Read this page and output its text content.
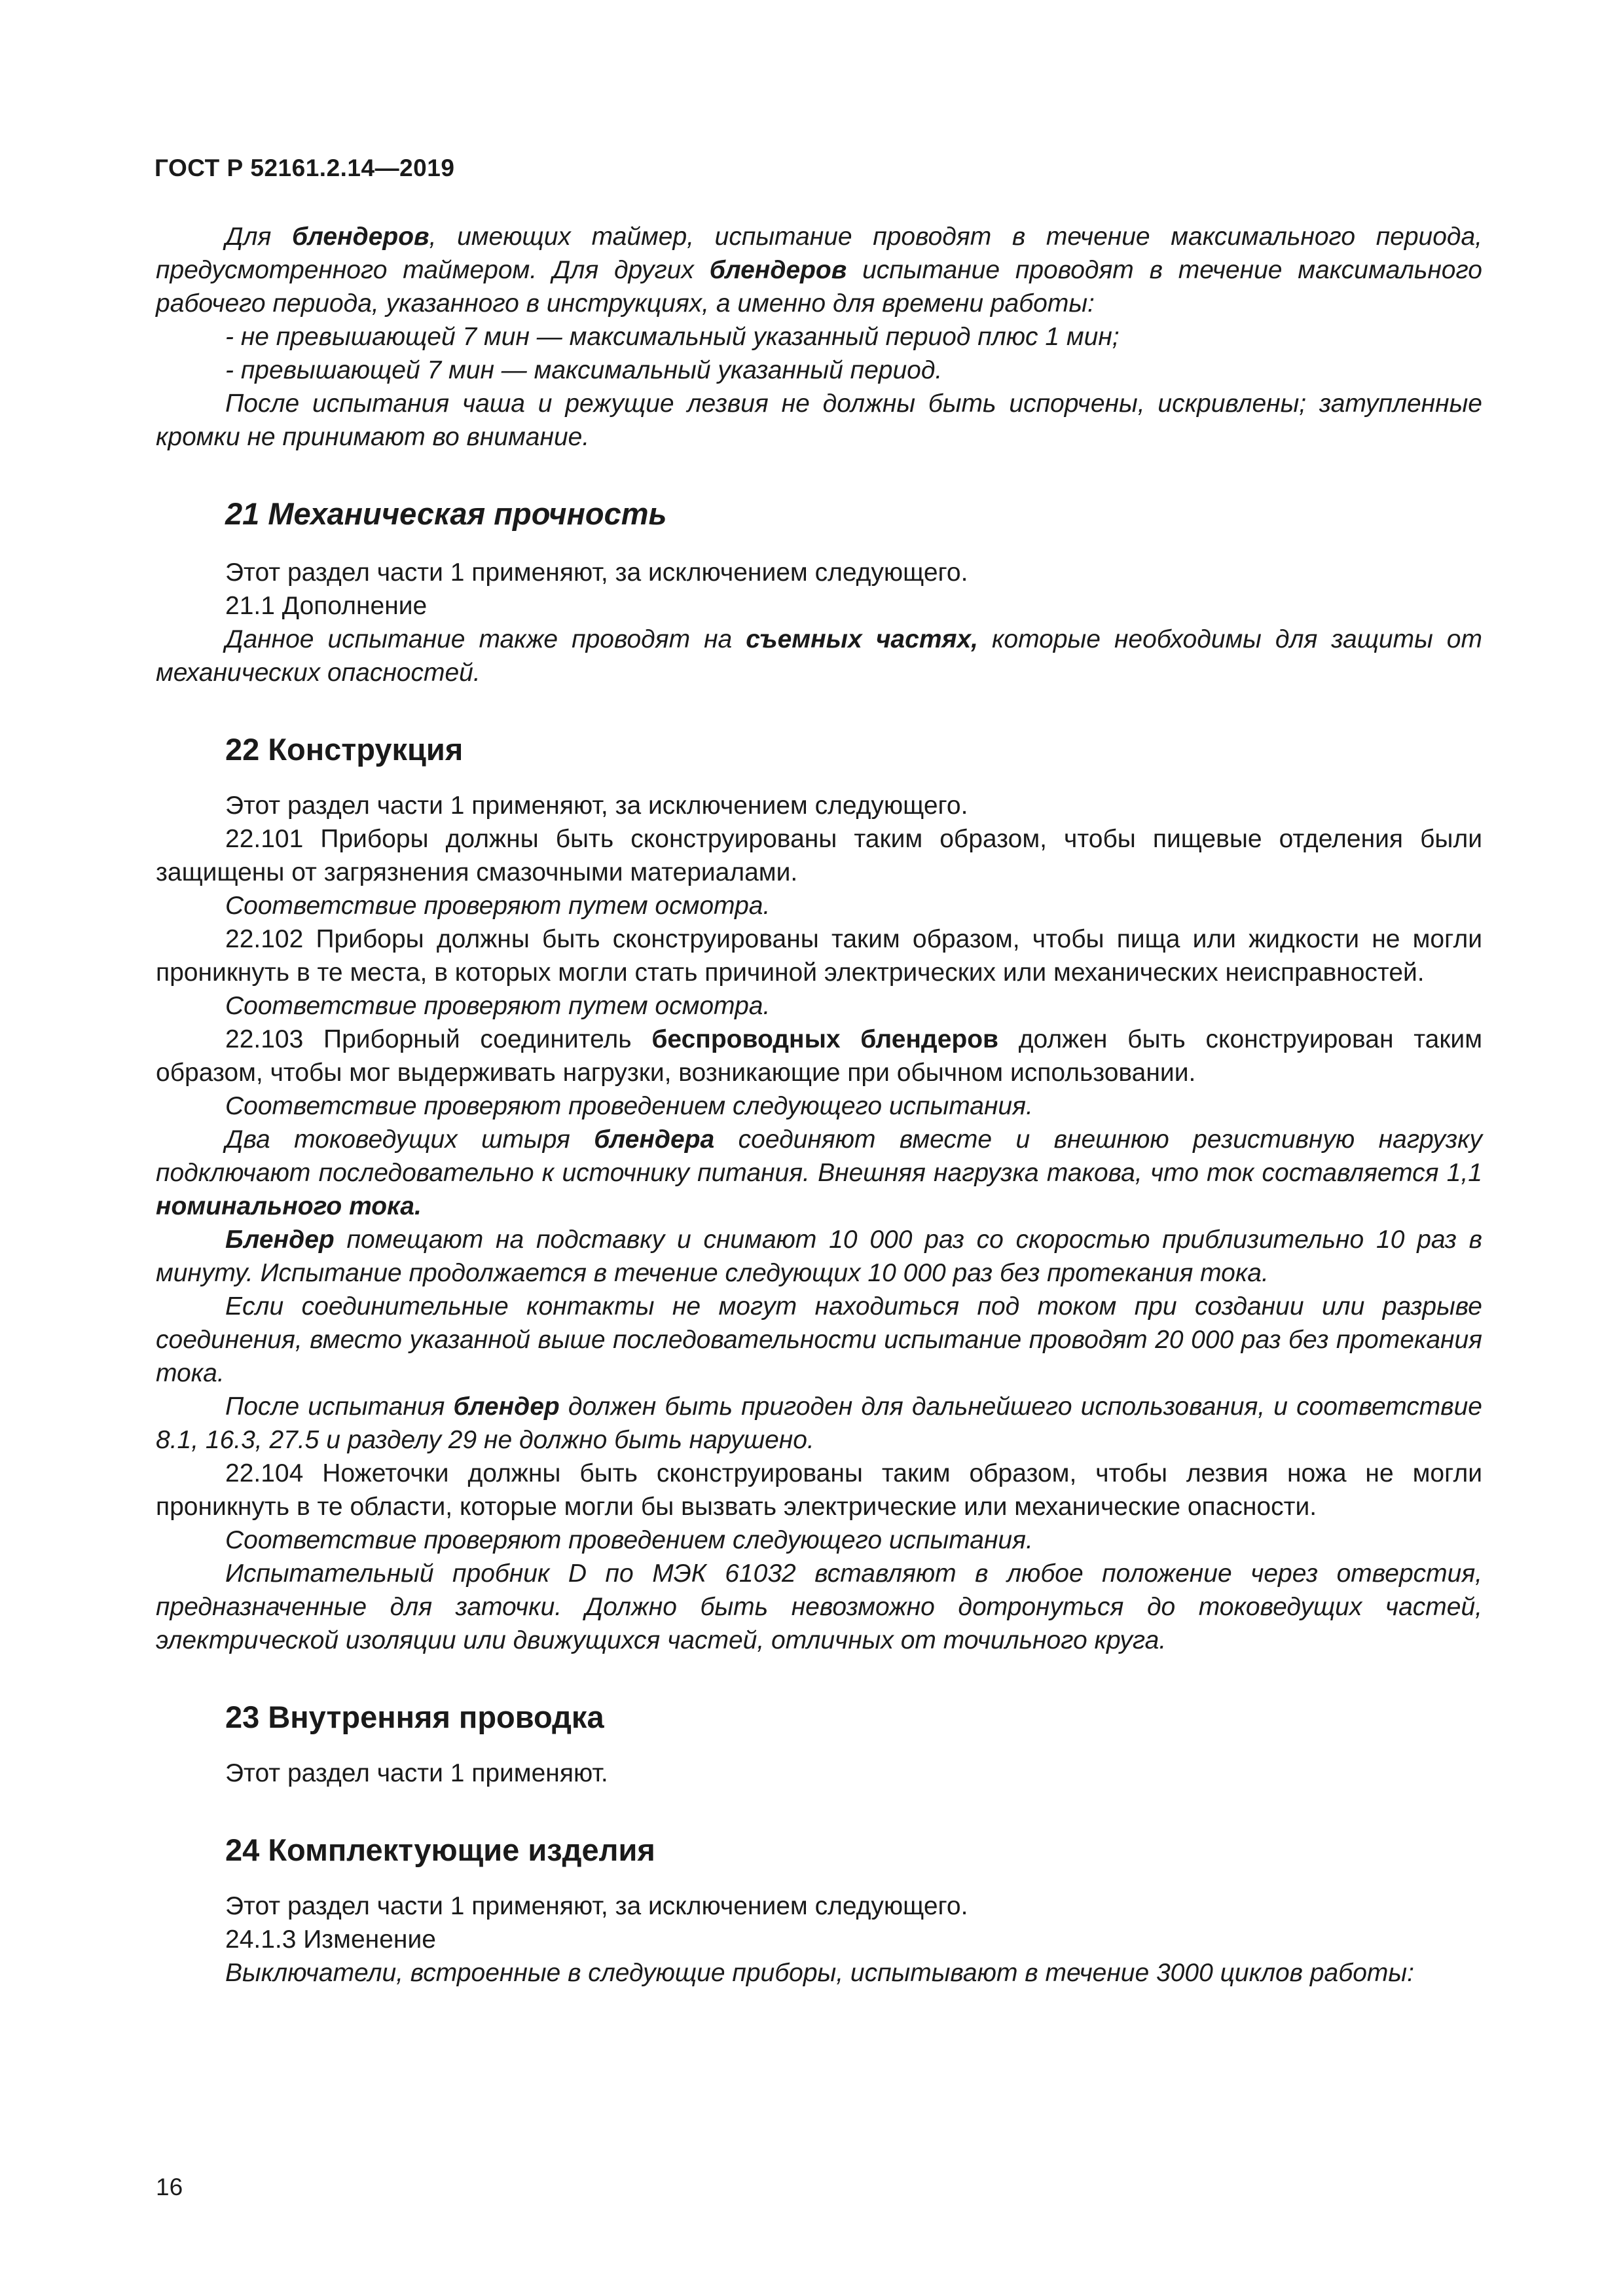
ГОСТ Р 52161.2.14—2019

Для блендеров, имеющих таймер, испытание проводят в течение максимального периода, предусмотренного таймером. Для других блендеров испытание проводят в течение максимального рабочего периода, указанного в инструкциях, а именно для времени работы:

- не превышающей 7 мин — максимальный указанный период плюс 1 мин;

- превышающей 7 мин — максимальный указанный период.

После испытания чаша и режущие лезвия не должны быть испорчены, искривлены; затупленные кромки не принимают во внимание.

21 Механическая прочность

Этот раздел части 1 применяют, за исключением следующего.

21.1 Дополнение

Данное испытание также проводят на съемных частях, которые необходимы для защиты от механических опасностей.

22 Конструкция

Этот раздел части 1 применяют, за исключением следующего.

22.101 Приборы должны быть сконструированы таким образом, чтобы пищевые отделения были защищены от загрязнения смазочными материалами.

Соответствие проверяют путем осмотра.

22.102 Приборы должны быть сконструированы таким образом, чтобы пища или жидкости не могли проникнуть в те места, в которых могли стать причиной электрических или механических неисправностей.

Соответствие проверяют путем осмотра.

22.103 Приборный соединитель беспроводных блендеров должен быть сконструирован таким образом, чтобы мог выдерживать нагрузки, возникающие при обычном использовании.

Соответствие проверяют проведением следующего испытания.

Два токоведущих штыря блендера соединяют вместе и внешнюю резистивную нагрузку подключают последовательно к источнику питания. Внешняя нагрузка такова, что ток составляется 1,1 номинального тока.

Блендер помещают на подставку и снимают 10 000 раз со скоростью приблизительно 10 раз в минуту. Испытание продолжается в течение следующих 10 000 раз без протекания тока.

Если соединительные контакты не могут находиться под током при создании или разрыве соединения, вместо указанной выше последовательности испытание проводят 20 000 раз без протекания тока.

После испытания блендер должен быть пригоден для дальнейшего использования, и соответствие 8.1, 16.3, 27.5 и разделу 29 не должно быть нарушено.

22.104 Ножеточки должны быть сконструированы таким образом, чтобы лезвия ножа не могли проникнуть в те области, которые могли бы вызвать электрические или механические опасности.

Соответствие проверяют проведением следующего испытания.

Испытательный пробник D по МЭК 61032 вставляют в любое положение через отверстия, предназначенные для заточки. Должно быть невозможно дотронуться до токоведущих частей, электрической изоляции или движущихся частей, отличных от точильного круга.

23 Внутренняя проводка

Этот раздел части 1 применяют.

24 Комплектующие изделия

Этот раздел части 1 применяют, за исключением следующего.

24.1.3 Изменение

Выключатели, встроенные в следующие приборы, испытывают в течение 3000 циклов работы:

16
